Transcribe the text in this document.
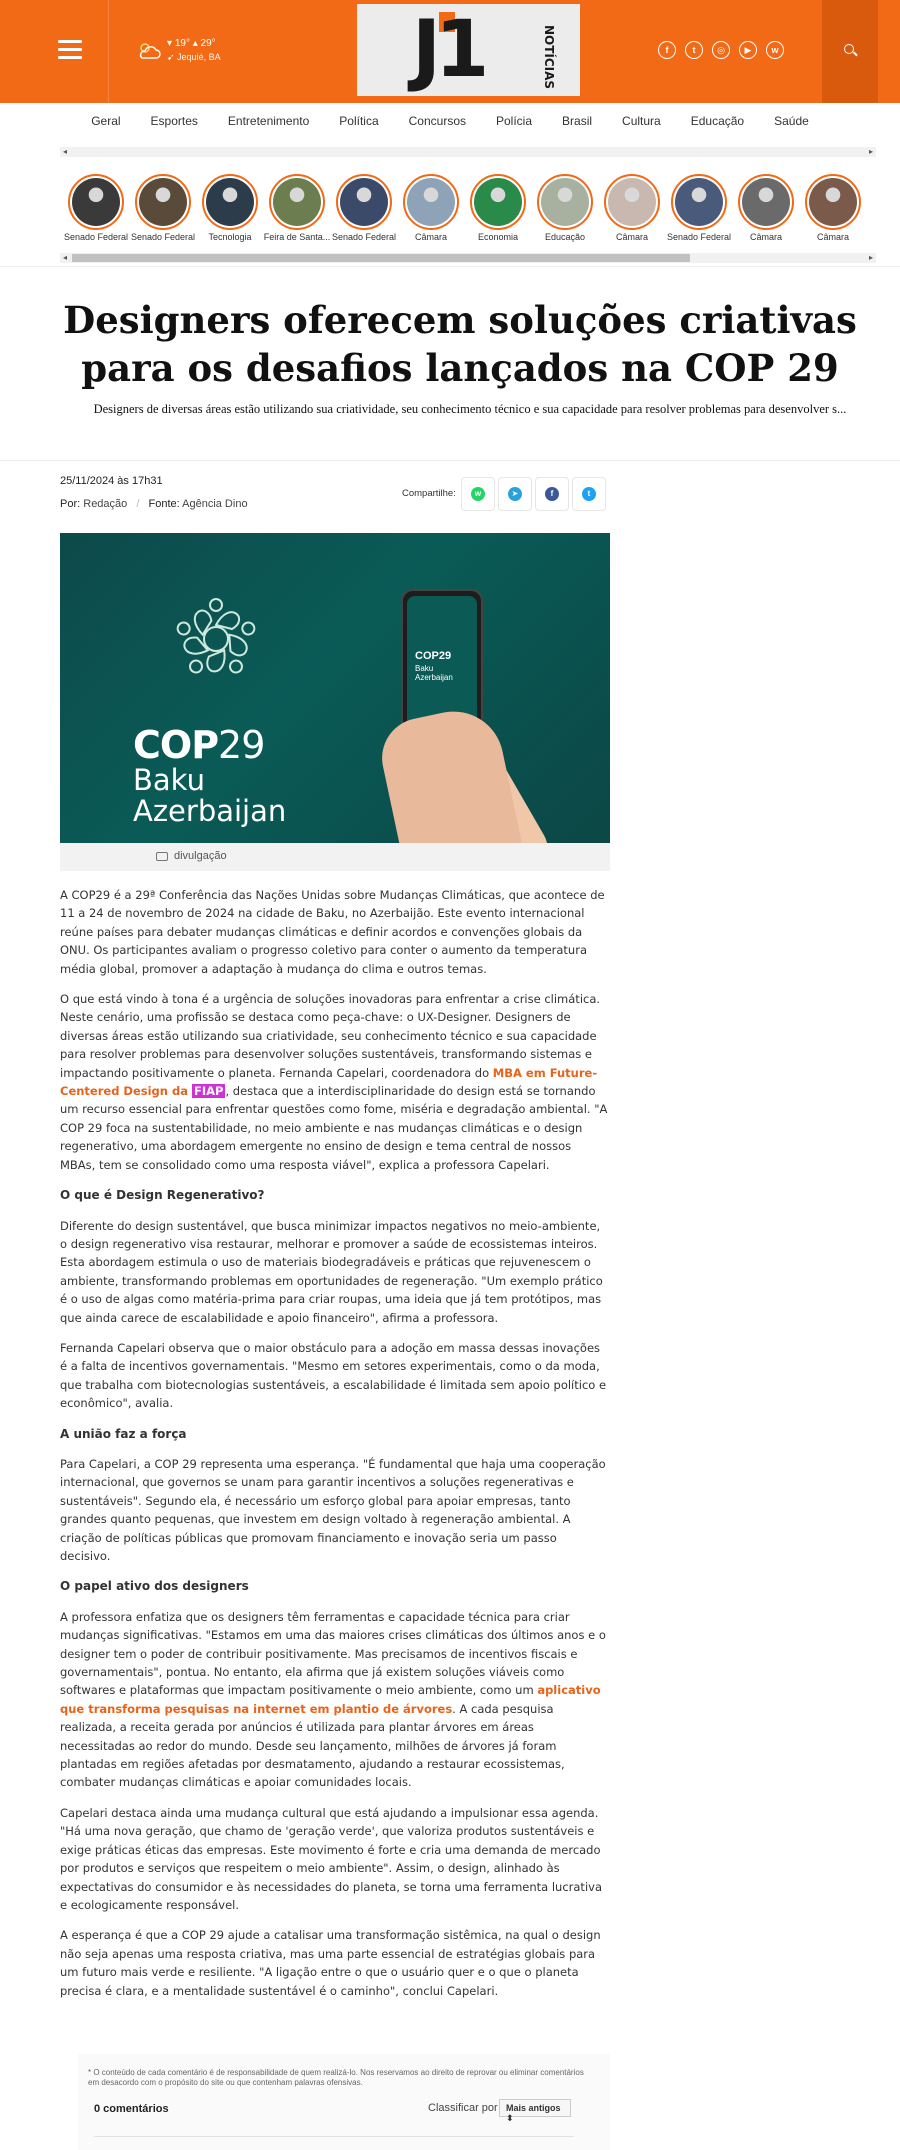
▾ 19° ▴ 29°
➹ Jequié, BA J1	NOTÍCIAS	f	t	◎	▶	w
Geral	Esportes	Entretenimento	Política	Concursos	Polícia	Brasil	Cultura	Educação	Saúde
◂	▸
Senado Federal Senado Federal	Tecnologia	Feira de Santa... Senado Federal	Câmara	Economia	Educação	Câmara	Senado Federal	Câmara	Câmara
◂	▸
Designers oferecem soluções criativas para os desafios lançados na COP 29

Designers de diversas áreas estão utilizando sua criatividade, seu conhecimento técnico e sua capacidade para resolver problemas para desenvolver s...

25/11/2024 às 17h31
Por: Redação / Fonte: Agência Dino
Compartilhe:	w	➤	f	t
COP29
Baku
Azerbaijan
COP29
Baku
Azerbaijan
divulgação

A COP29 é a 29ª Conferência das Nações Unidas sobre Mudanças Climáticas, que acontece de 11 a 24 de novembro de 2024 na cidade de Baku, no Azerbaijão. Este evento internacional reúne países para debater mudanças climáticas e definir acordos e convenções globais da ONU. Os participantes avaliam o progresso coletivo para conter o aumento da temperatura média global, promover a adaptação à mudança do clima e outros temas.

O que está vindo à tona é a urgência de soluções inovadoras para enfrentar a crise climática. Neste cenário, uma profissão se destaca como peça-chave: o UX-Designer. Designers de diversas áreas estão utilizando sua criatividade, seu conhecimento técnico e sua capacidade para resolver problemas para desenvolver soluções sustentáveis, transformando sistemas e impactando positivamente o planeta. Fernanda Capelari, coordenadora do MBA em Future-Centered Design da FIAP , destaca que a interdisciplinaridade do design está se tornando um recurso essencial para enfrentar questões como fome, miséria e degradação ambiental. "A COP 29 foca na sustentabilidade, no meio ambiente e nas mudanças climáticas e o design regenerativo, uma abordagem emergente no ensino de design e tema central de nossos MBAs, tem se consolidado como uma resposta viável", explica a professora Capelari.

O que é Design Regenerativo?

Diferente do design sustentável, que busca minimizar impactos negativos no meio-ambiente, o design regenerativo visa restaurar, melhorar e promover a saúde de ecossistemas inteiros. Esta abordagem estimula o uso de materiais biodegradáveis e práticas que rejuvenescem o ambiente, transformando problemas em oportunidades de regeneração. "Um exemplo prático é o uso de algas como matéria-prima para criar roupas, uma ideia que já tem protótipos, mas que ainda carece de escalabilidade e apoio financeiro", afirma a professora.

Fernanda Capelari observa que o maior obstáculo para a adoção em massa dessas inovações é a falta de incentivos governamentais. "Mesmo em setores experimentais, como o da moda, que trabalha com biotecnologias sustentáveis, a escalabilidade é limitada sem apoio político e econômico", avalia.

A união faz a força

Para Capelari, a COP 29 representa uma esperança. "É fundamental que haja uma cooperação internacional, que governos se unam para garantir incentivos a soluções regenerativas e sustentáveis". Segundo ela, é necessário um esforço global para apoiar empresas, tanto grandes quanto pequenas, que investem em design voltado à regeneração ambiental. A criação de políticas públicas que promovam financiamento e inovação seria um passo decisivo.

O papel ativo dos designers

A professora enfatiza que os designers têm ferramentas e capacidade técnica para criar mudanças significativas. "Estamos em uma das maiores crises climáticas dos últimos anos e o designer tem o poder de contribuir positivamente. Mas precisamos de incentivos fiscais e governamentais", pontua. No entanto, ela afirma que já existem soluções viáveis como softwares e plataformas que impactam positivamente o meio ambiente, como um aplicativo que transforma pesquisas na internet em plantio de árvores. A cada pesquisa realizada, a receita gerada por anúncios é utilizada para plantar árvores em áreas necessitadas ao redor do mundo. Desde seu lançamento, milhões de árvores já foram plantadas em regiões afetadas por desmatamento, ajudando a restaurar ecossistemas, combater mudanças climáticas e apoiar comunidades locais.

Capelari destaca ainda uma mudança cultural que está ajudando a impulsionar essa agenda. "Há uma nova geração, que chamo de 'geração verde', que valoriza produtos sustentáveis e exige práticas éticas das empresas. Este movimento é forte e cria uma demanda de mercado por produtos e serviços que respeitem o meio ambiente". Assim, o design, alinhado às expectativas do consumidor e às necessidades do planeta, se torna uma ferramenta lucrativa e ecologicamente responsável.

A esperança é que a COP 29 ajude a catalisar uma transformação sistêmica, na qual o design não seja apenas uma resposta criativa, mas uma parte essencial de estratégias globais para um futuro mais verde e resiliente. "A ligação entre o que o usuário quer e o que o planeta precisa é clara, e a mentalidade sustentável é o caminho", conclui Capelari.

* O conteúdo de cada comentário é de responsabilidade de quem realizá-lo. Nos reservamos ao direito de reprovar ou eliminar comentários em desacordo com o propósito do site ou que contenham palavras ofensivas.
0 comentários	Classificar por Mais antigos ⬍
